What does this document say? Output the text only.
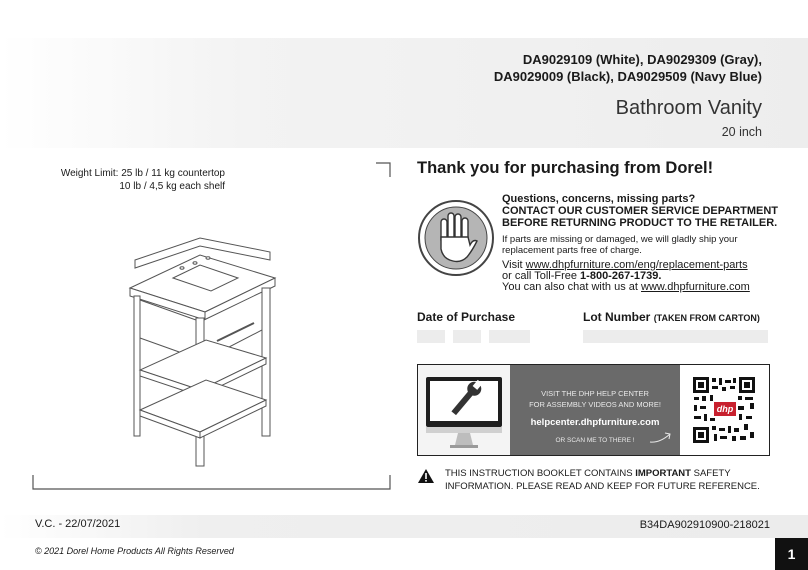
DA9029109 (White), DA9029309 (Gray),
DA9029009 (Black), DA9029509 (Navy Blue)
Bathroom Vanity
20 inch
Weight Limit: 25 lb / 11 kg countertop
10 lb / 4,5 kg each shelf
Thank you for purchasing from Dorel!
Questions, concerns, missing parts?
CONTACT OUR CUSTOMER SERVICE DEPARTMENT
BEFORE RETURNING PRODUCT TO THE RETAILER.
If parts are missing or damaged, we will gladly ship your
replacement parts free of charge.
Visit www.dhpfurniture.com/eng/replacement-parts
or call Toll-Free 1-800-267-1739.
You can also chat with us at www.dhpfurniture.com
Date of Purchase	Lot Number (TAKEN FROM CARTON)
VISIT THE DHP HELP CENTER
FOR ASSEMBLY VIDEOS AND MORE!
helpcenter.dhpfurniture.com
OR SCAN ME TO THERE !
dhp
THIS INSTRUCTION BOOKLET CONTAINS IMPORTANT SAFETY INFORMATION. PLEASE READ AND KEEP FOR FUTURE REFERENCE.
V.C. - 22/07/2021	B34DA902910900-218021
© 2021 Dorel Home Products All Rights Reserved	1
